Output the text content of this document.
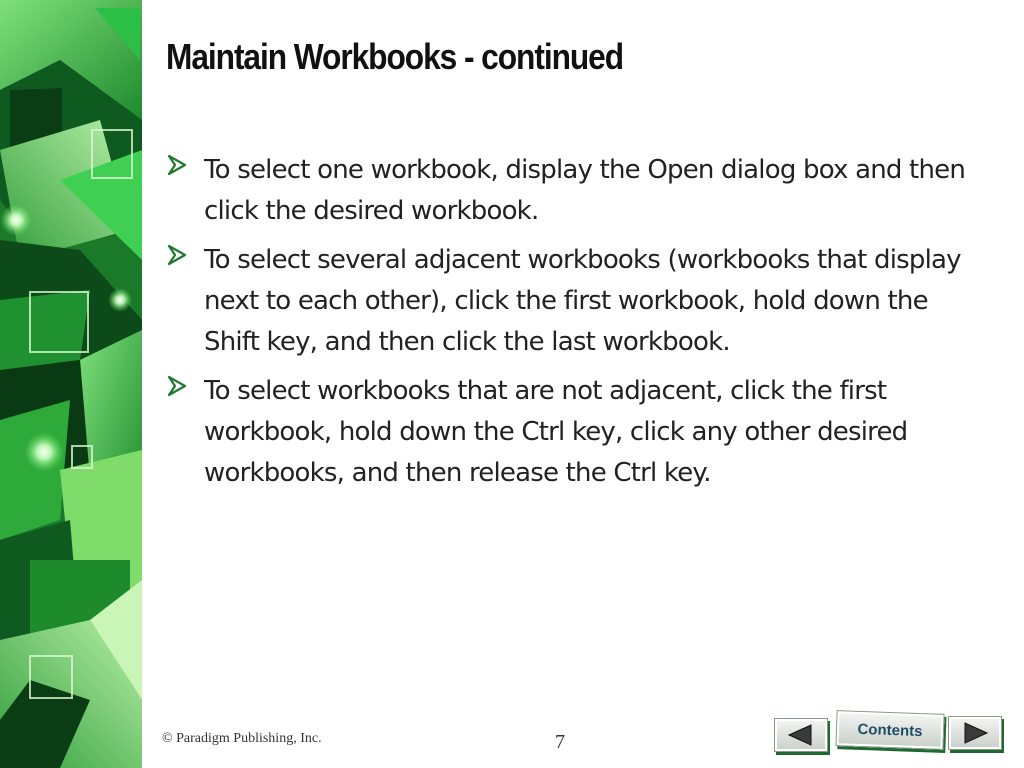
Maintain Workbooks - continued
To select one workbook, display the Open dialog box and then click the desired workbook.
To select several adjacent workbooks (workbooks that display next to each other), click the first workbook, hold down the Shift key, and then click the last workbook.
To select workbooks that are not adjacent, click the first workbook, hold down the Ctrl key, click any other desired workbooks, and then release the Ctrl key.
© Paradigm Publishing, Inc.	7
Contents
